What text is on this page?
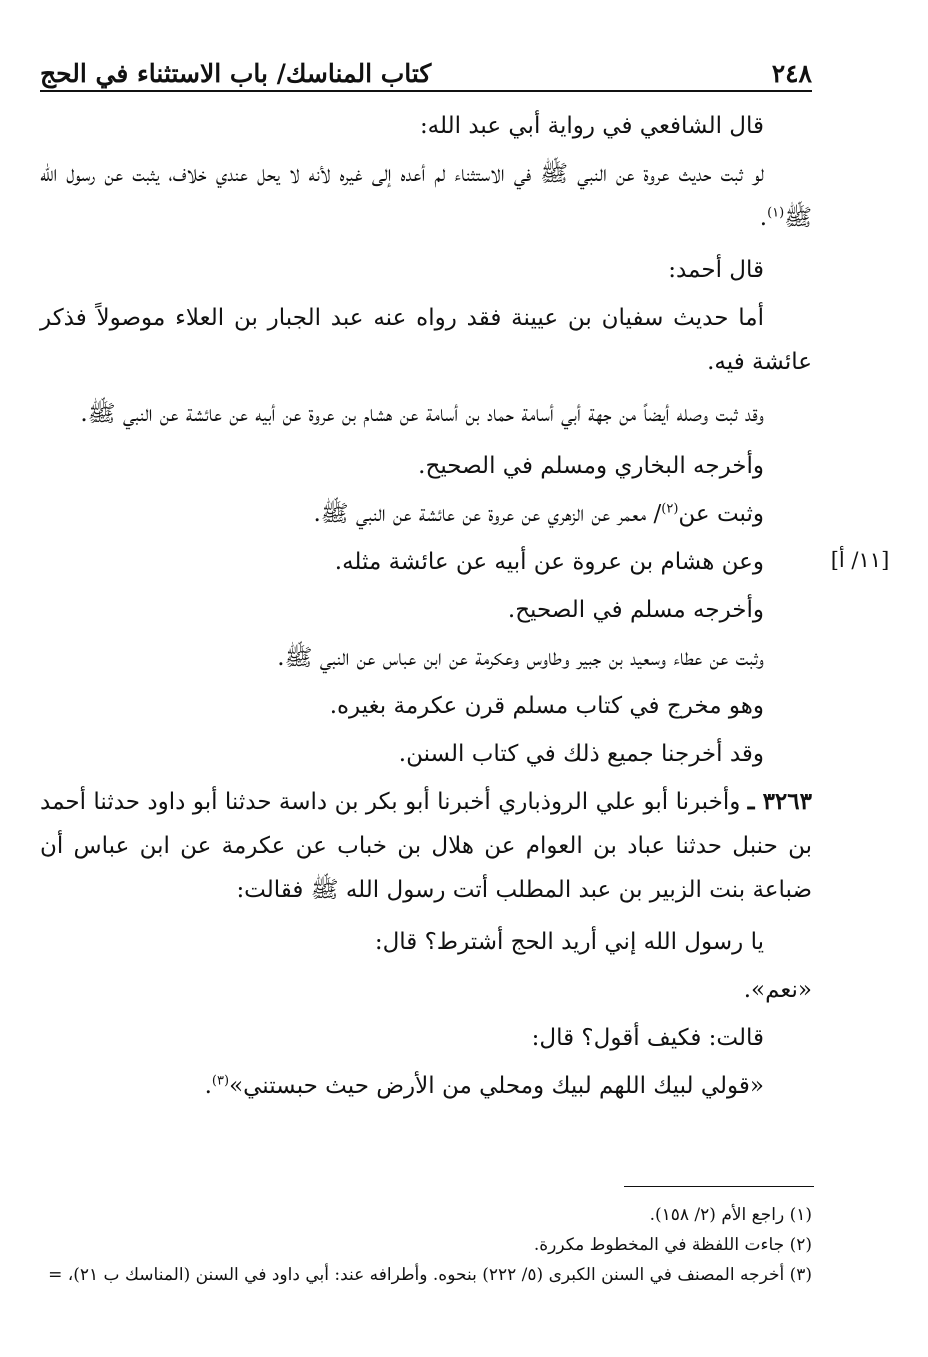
٢٤٨
كتاب المناسك/ باب الاستثناء في الحج
[١١/ أ]

قال الشافعي في رواية أبي عبد الله:

لو ثبت حديث عروة عن النبي ﷺ في الاستثناء لم أعده إلى غيره لأنه لا يحل عندي خلاف، يثبت عن رسول الله ﷺ$^{(١)}$.

قال أحمد:

أما حديث سفيان بن عيينة فقد رواه عنه عبد الجبار بن العلاء موصولاً فذكر عائشة فيه.

وقد ثبت وصله أيضاً من جهة أبي أسامة حماد بن أسامة عن هشام بن عروة عن أبيه عن عائشة عن النبي ﷺ.

وأخرجه البخاري ومسلم في الصحيح.

وثبت عن$^{(٢)}$/ معمر عن الزهري عن عروة عن عائشة عن النبي ﷺ.

وعن هشام بن عروة عن أبيه عن عائشة مثله.

وأخرجه مسلم في الصحيح.

وثبت عن عطاء وسعيد بن جبير وطاوس وعكرمة عن ابن عباس عن النبي ﷺ.

وهو مخرج في كتاب مسلم قرن عكرمة بغيره.

وقد أخرجنا جميع ذلك في كتاب السنن.

٣٢٦٣ ـ وأخبرنا أبو علي الروذباري أخبرنا أبو بكر بن داسة حدثنا أبو داود حدثنا أحمد بن حنبل حدثنا عباد بن العوام عن هلال بن خباب عن عكرمة عن ابن عباس أن ضباعة بنت الزبير بن عبد المطلب أتت رسول الله ﷺ فقالت:

يا رسول الله إني أريد الحج أشترط؟ قال:

«نعم».

قالت: فكيف أقول؟ قال:

«قولي لبيك اللهم لبيك ومحلي من الأرض حيث حبستني»$^{(٣)}$.

(١) راجع الأم (٢/ ١٥٨).
(٢) جاءت اللفظة في المخطوط مكررة.
(٣) أخرجه المصنف في السنن الكبرى (٥/ ٢٢٢) بنحوه. وأطرافه عند: أبي داود في السنن (المناسك ب ٢١)، =
